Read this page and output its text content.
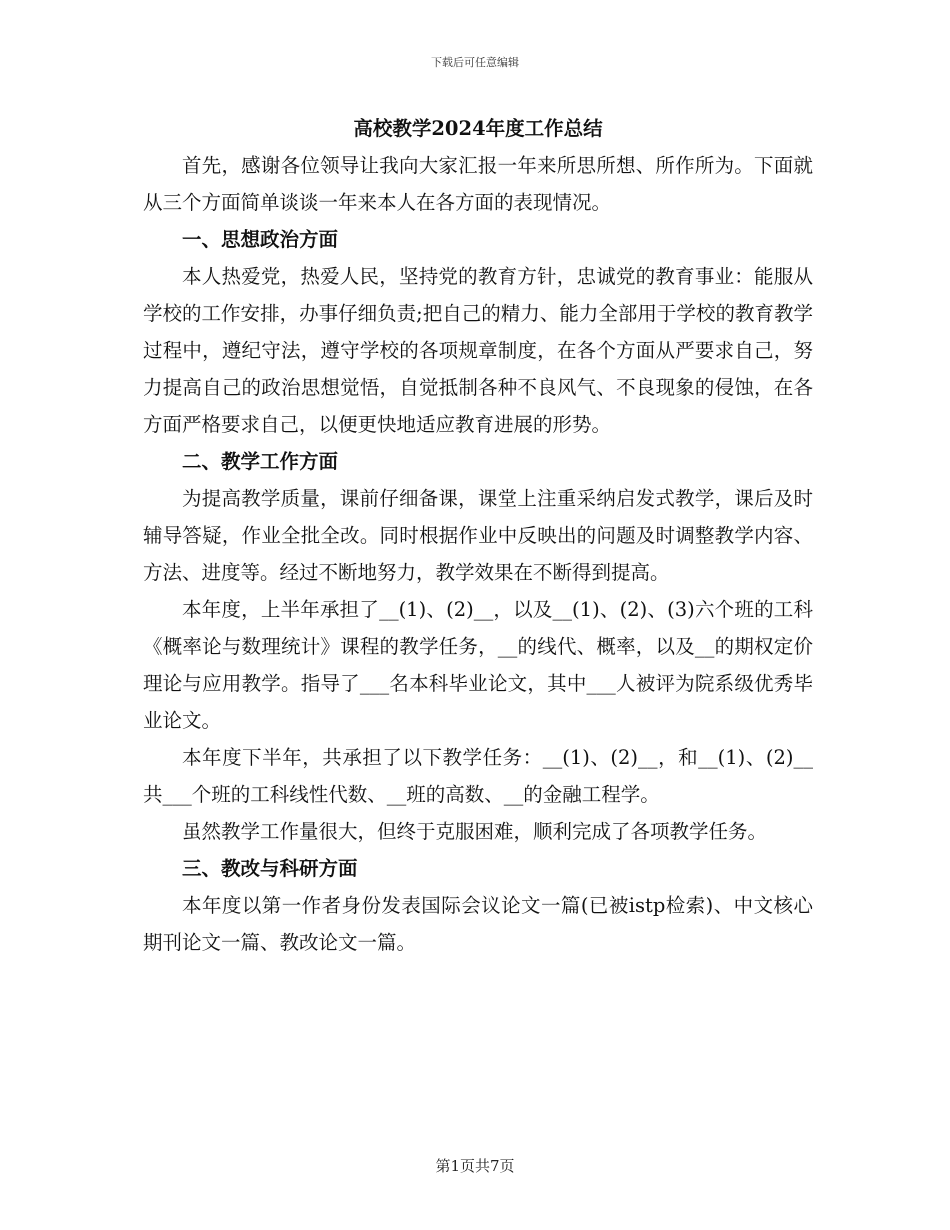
下载后可任意编辑

高校教学2024年度工作总结

首先，感谢各位领导让我向大家汇报一年来所思所想、所作所为。下面就从三个方面简单谈谈一年来本人在各方面的表现情况。

一、思想政治方面

本人热爱党，热爱人民，坚持党的教育方针，忠诚党的教育事业：能服从学校的工作安排，办事仔细负责;把自己的精力、能力全部用于学校的教育教学过程中，遵纪守法，遵守学校的各项规章制度，在各个方面从严要求自己，努力提高自己的政治思想觉悟，自觉抵制各种不良风气、不良现象的侵蚀，在各方面严格要求自己，以便更快地适应教育进展的形势。

二、教学工作方面

为提高教学质量，课前仔细备课，课堂上注重采纳启发式教学，课后及时辅导答疑，作业全批全改。同时根据作业中反映出的问题及时调整教学内容、方法、进度等。经过不断地努力，教学效果在不断得到提高。

本年度，上半年承担了__(1)、(2)__，以及__(1)、(2)、(3)六个班的工科《概率论与数理统计》课程的教学任务，__的线代、概率，以及__的期权定价理论与应用教学。指导了___名本科毕业论文，其中___人被评为院系级优秀毕业论文。

本年度下半年，共承担了以下教学任务：__(1)、(2)__，和__(1)、(2)__共___个班的工科线性代数、__班的高数、__的金融工程学。

虽然教学工作量很大，但终于克服困难，顺利完成了各项教学任务。

三、教改与科研方面

本年度以第一作者身份发表国际会议论文一篇(已被istp检索)、中文核心期刊论文一篇、教改论文一篇。

第1页共7页
